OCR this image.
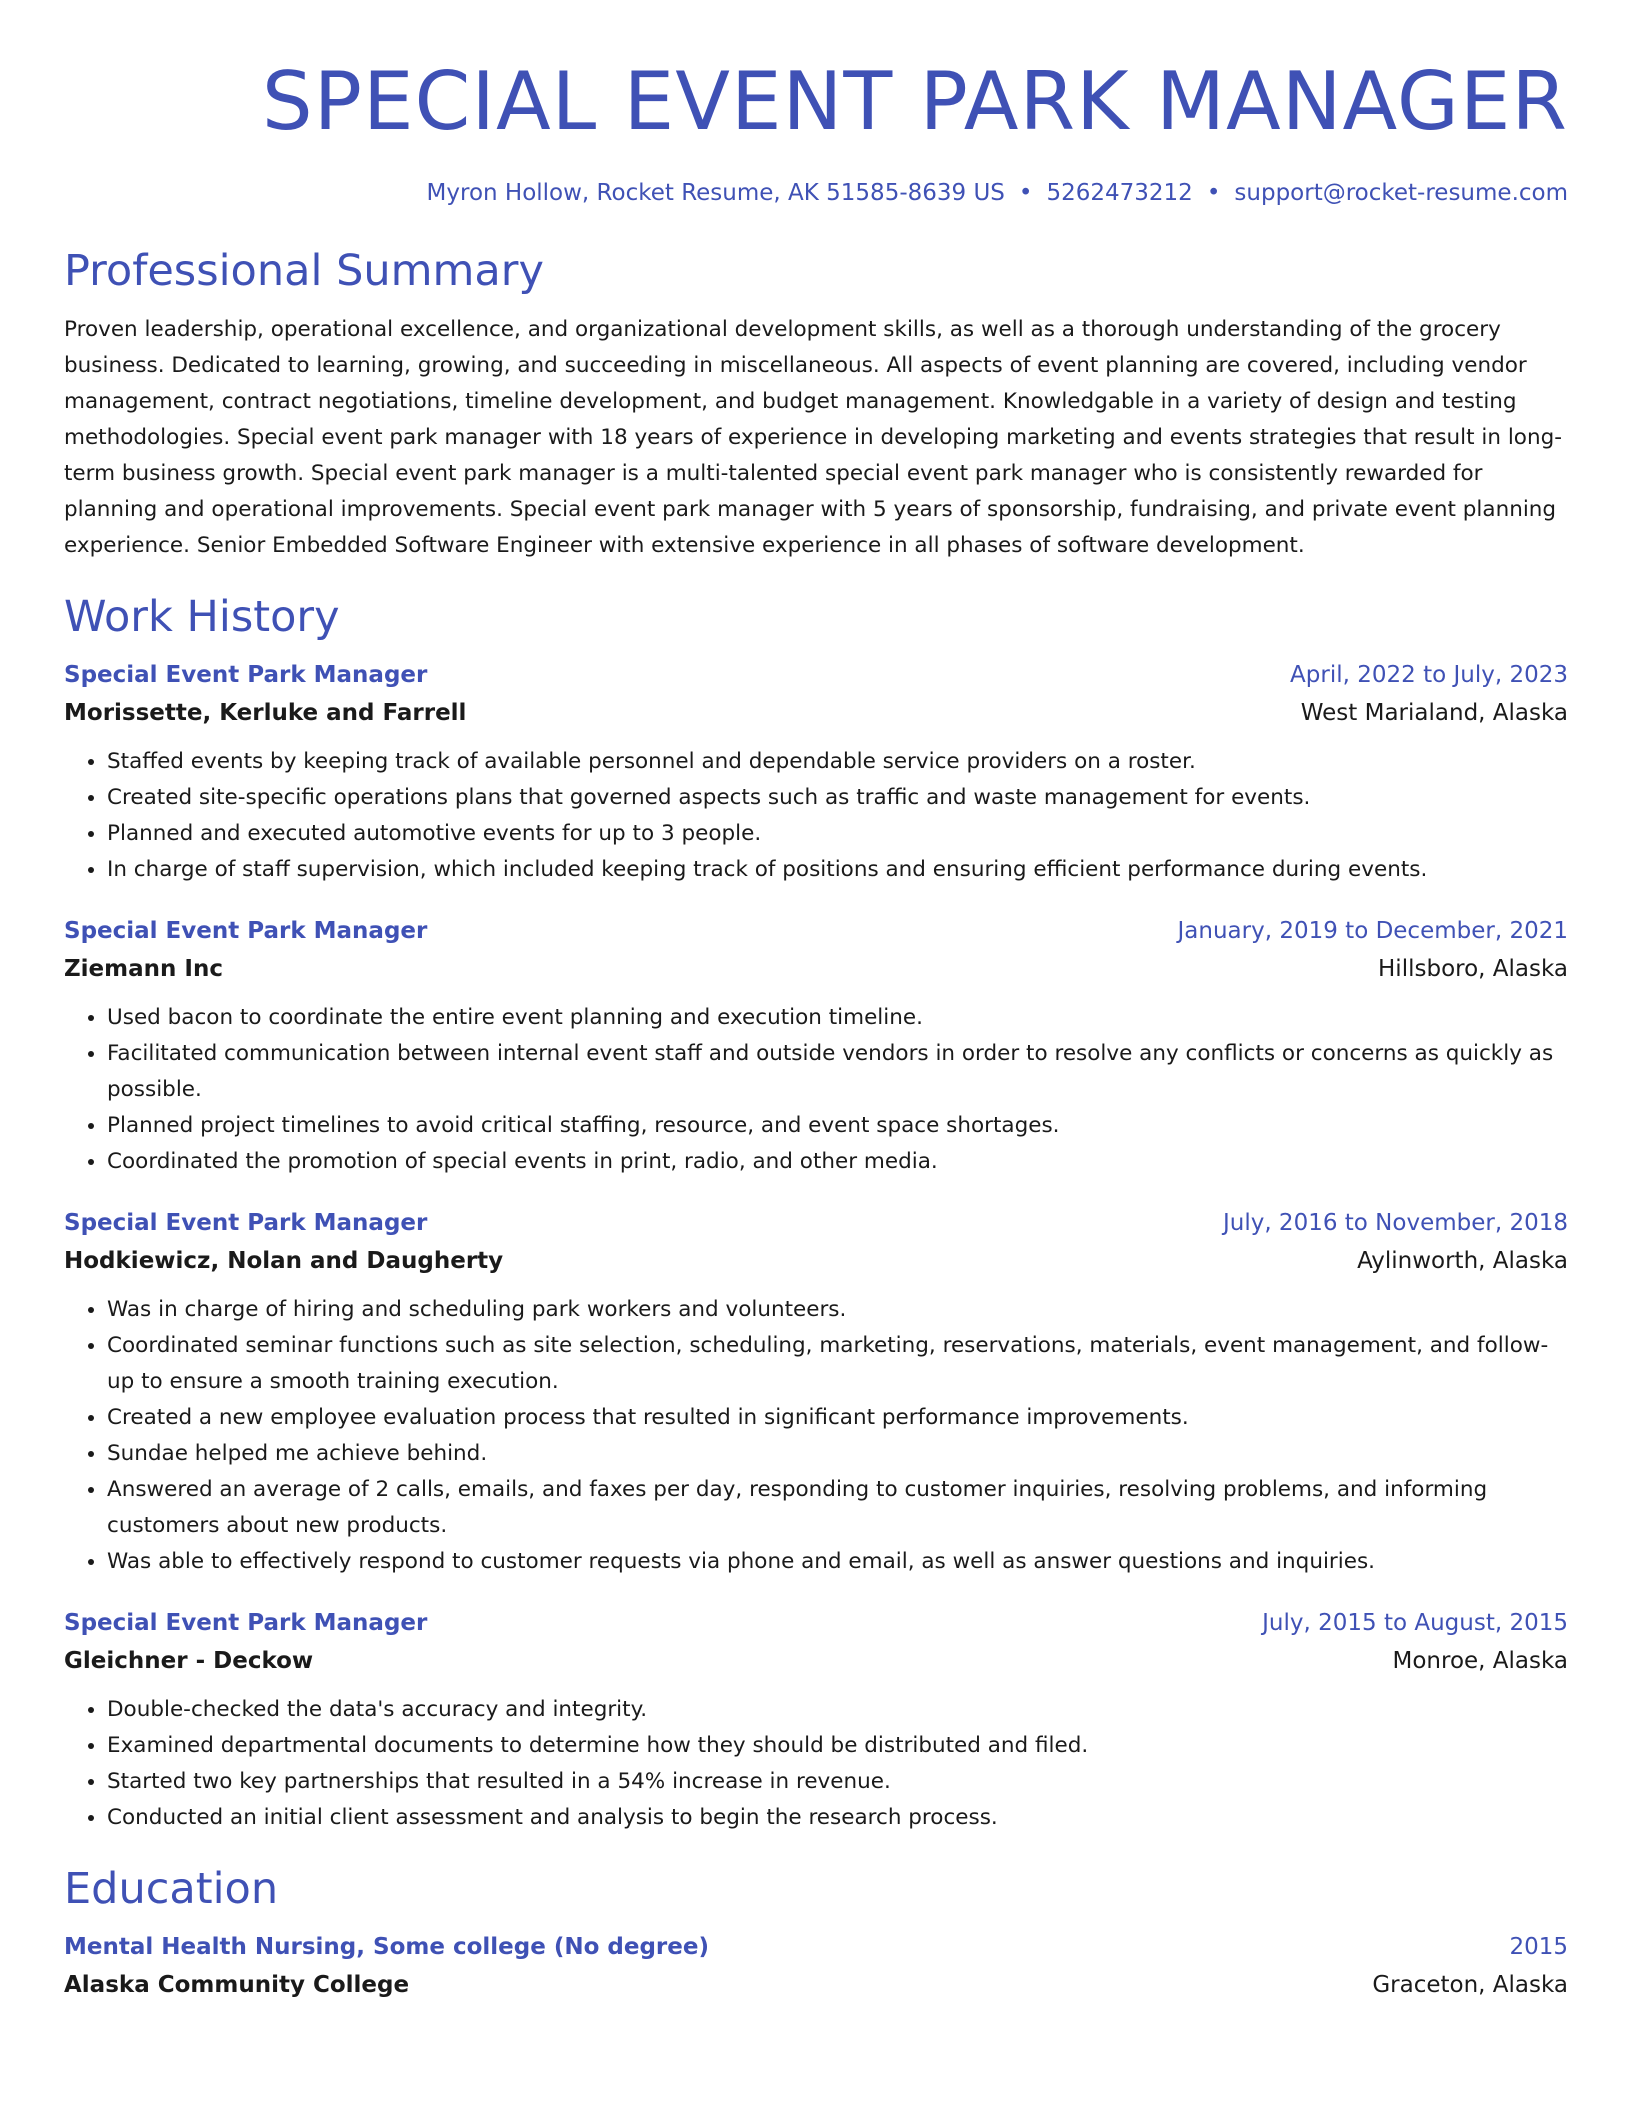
SPECIAL EVENT PARK MANAGER
Myron Hollow, Rocket Resume, AK 51585-8639 US • 5262473212 • support@rocket-resume.com
Professional Summary
Proven leadership, operational excellence, and organizational development skills, as well as a thorough understanding of the grocery business. Dedicated to learning, growing, and succeeding in miscellaneous. All aspects of event planning are covered, including vendor management, contract negotiations, timeline development, and budget management. Knowledgable in a variety of design and testing methodologies. Special event park manager with 18 years of experience in developing marketing and events strategies that result in long-term business growth. Special event park manager is a multi-talented special event park manager who is consistently rewarded for planning and operational improvements. Special event park manager with 5 years of sponsorship, fundraising, and private event planning experience. Senior Embedded Software Engineer with extensive experience in all phases of software development.
Work History
Special Event Park Manager	April, 2022 to July, 2023
Morissette, Kerluke and Farrell	West Marialand, Alaska
• Staffed events by keeping track of available personnel and dependable service providers on a roster.
• Created site-specific operations plans that governed aspects such as traffic and waste management for events.
• Planned and executed automotive events for up to 3 people.
• In charge of staff supervision, which included keeping track of positions and ensuring efficient performance during events.
Special Event Park Manager	January, 2019 to December, 2021
Ziemann Inc	Hillsboro, Alaska
• Used bacon to coordinate the entire event planning and execution timeline.
• Facilitated communication between internal event staff and outside vendors in order to resolve any conflicts or concerns as quickly as possible.
• Planned project timelines to avoid critical staffing, resource, and event space shortages.
• Coordinated the promotion of special events in print, radio, and other media.
Special Event Park Manager	July, 2016 to November, 2018
Hodkiewicz, Nolan and Daugherty	Aylinworth, Alaska
• Was in charge of hiring and scheduling park workers and volunteers.
• Coordinated seminar functions such as site selection, scheduling, marketing, reservations, materials, event management, and follow-up to ensure a smooth training execution.
• Created a new employee evaluation process that resulted in significant performance improvements.
• Sundae helped me achieve behind.
• Answered an average of 2 calls, emails, and faxes per day, responding to customer inquiries, resolving problems, and informing customers about new products.
• Was able to effectively respond to customer requests via phone and email, as well as answer questions and inquiries.
Special Event Park Manager	July, 2015 to August, 2015
Gleichner - Deckow	Monroe, Alaska
• Double-checked the data's accuracy and integrity.
• Examined departmental documents to determine how they should be distributed and filed.
• Started two key partnerships that resulted in a 54% increase in revenue.
• Conducted an initial client assessment and analysis to begin the research process.
Education
Mental Health Nursing, Some college (No degree)	2015
Alaska Community College	Graceton, Alaska
